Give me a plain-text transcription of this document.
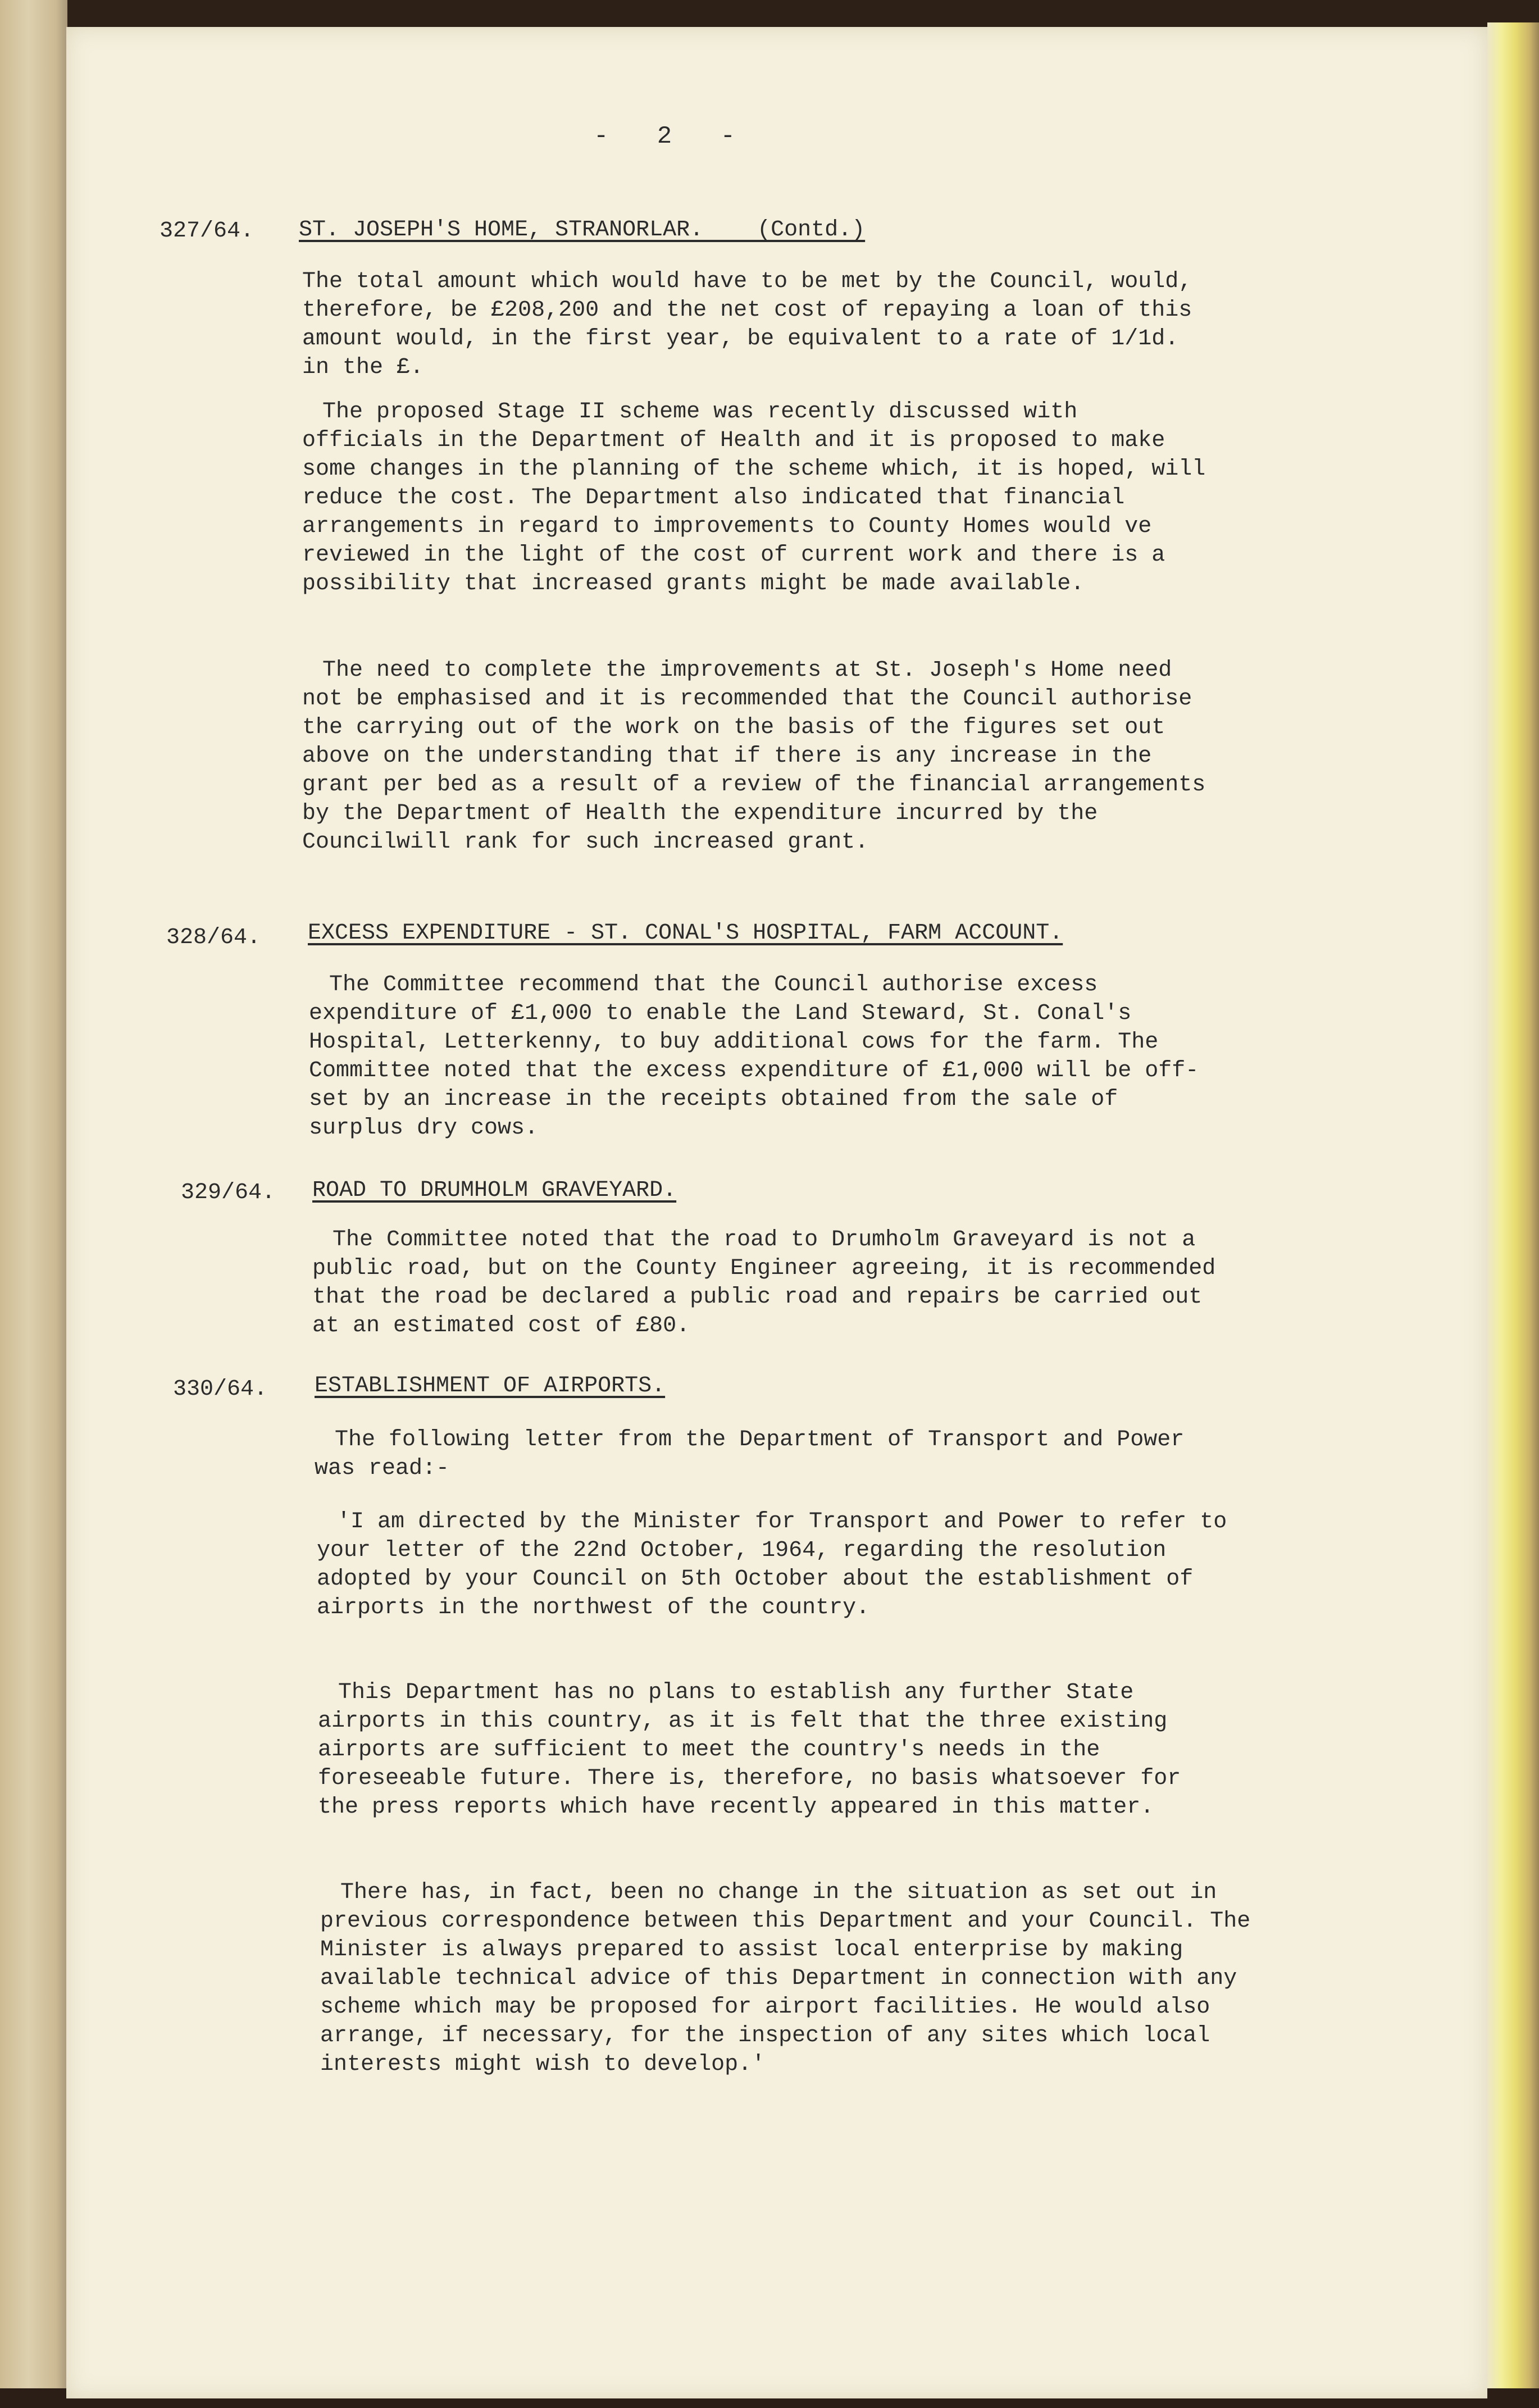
- 2 -
327/64. ST. JOSEPH'S HOME, STRANORLAR.    (Contd.)

The total amount which would have to be met by the Council, would, therefore, be £208,200 and the net cost of repaying a loan of this amount would, in the first year, be equivalent to a rate of 1/1d. in the £.

The proposed Stage II scheme was recently discussed with officials in the Department of Health and it is proposed to make some changes in the planning of the scheme which, it is hoped, will reduce the cost. The Department also indicated that financial arrangements in regard to improvements to County Homes would ve reviewed in the light of the cost of current work and there is a possibility that increased grants might be made available.

The need to complete the improvements at St. Joseph's Home need not be emphasised and it is recommended that the Council authorise the carrying out of the work on the basis of the figures set out above on the understanding that if there is any increase in the grant per bed as a result of a review of the financial arrangements by the Department of Health the expenditure incurred by the Councilwill rank for such increased grant.

328/64. EXCESS EXPENDITURE - ST. CONAL'S HOSPITAL, FARM ACCOUNT.

The Committee recommend that the Council authorise excess expenditure of £1,000 to enable the Land Steward, St. Conal's Hospital, Letterkenny, to buy additional cows for the farm. The Committee noted that the excess expenditure of £1,000 will be off-set by an increase in the receipts obtained from the sale of surplus dry cows.

329/64. ROAD TO DRUMHOLM GRAVEYARD.

The Committee noted that the road to Drumholm Graveyard is not a public road, but on the County Engineer agreeing, it is recommended that the road be declared a public road and repairs be carried out at an estimated cost of £80.

330/64. ESTABLISHMENT OF AIRPORTS.

The following letter from the Department of Transport and Power was read:-

'I am directed by the Minister for Transport and Power to refer to your letter of the 22nd October, 1964, regarding the resolution adopted by your Council on 5th October about the establishment of airports in the northwest of the country.

This Department has no plans to establish any further State airports in this country, as it is felt that the three existing airports are sufficient to meet the country's needs in the foreseeable future. There is, therefore, no basis whatsoever for the press reports which have recently appeared in this matter.

There has, in fact, been no change in the situation as set out in previous correspondence between this Department and your Council. The Minister is always prepared to assist local enterprise by making available technical advice of this Department in connection with any scheme which may be proposed for airport facilities. He would also arrange, if necessary, for the inspection of any sites which local interests might wish to develop.'
